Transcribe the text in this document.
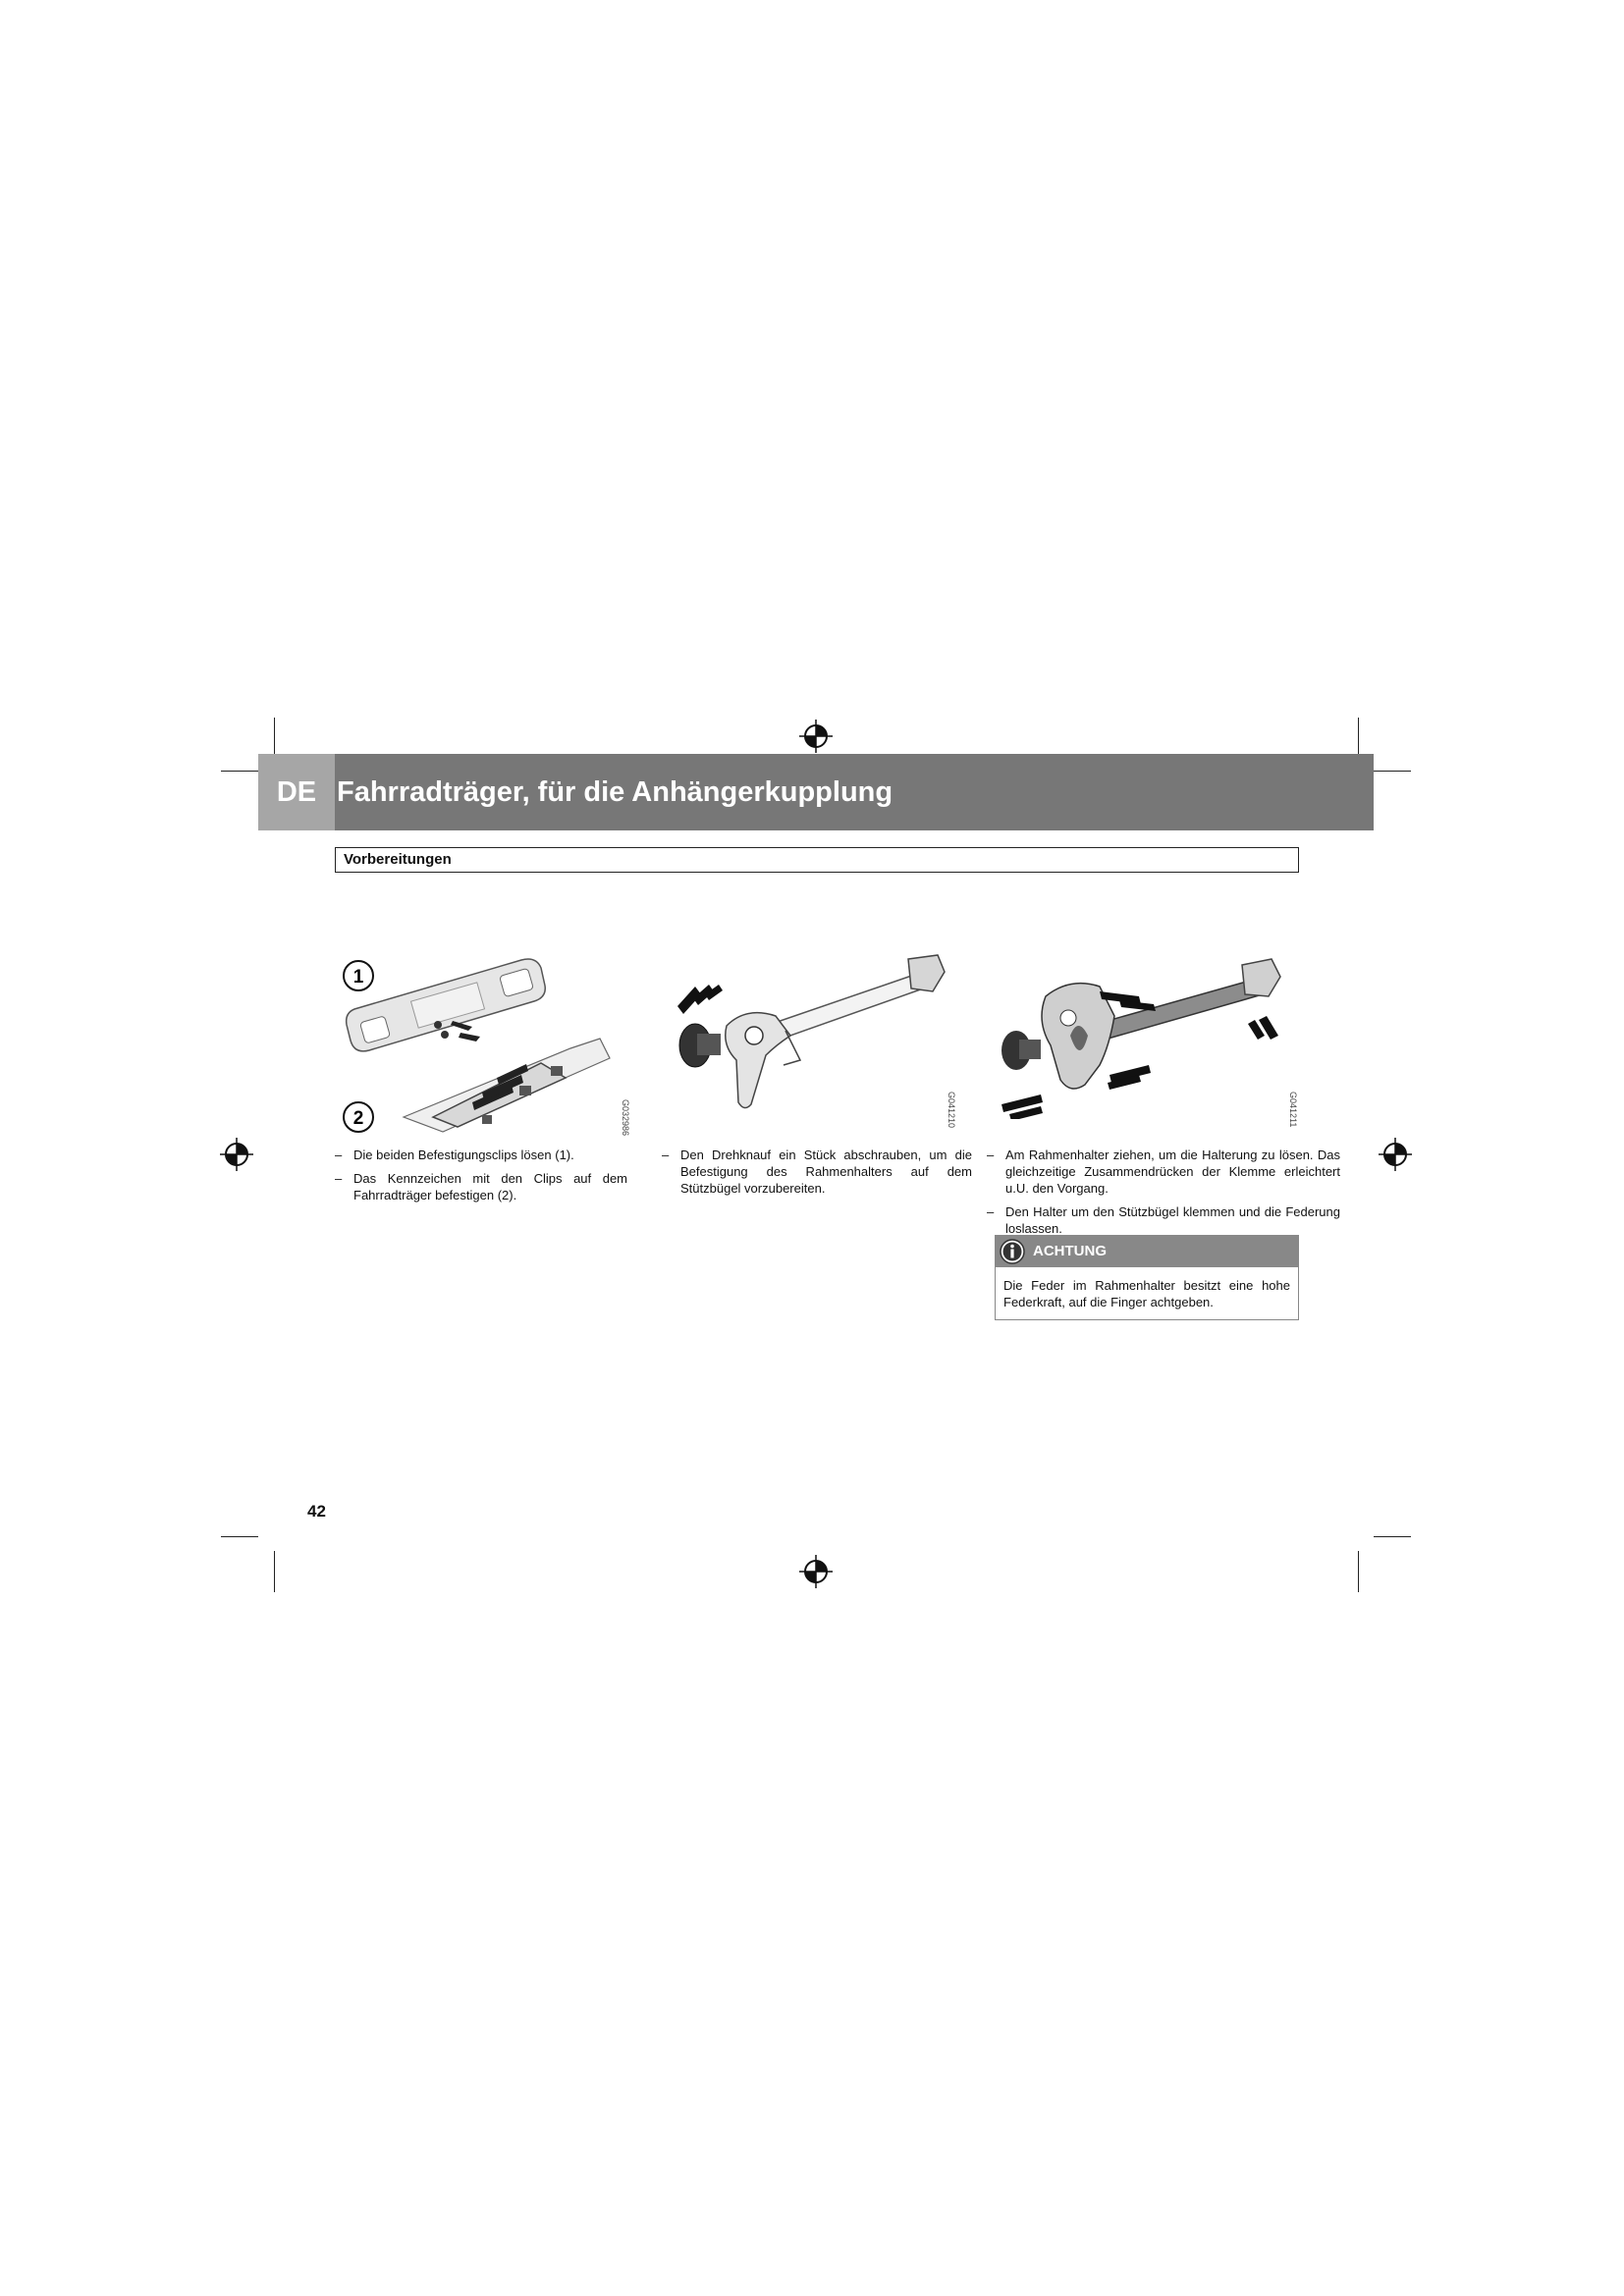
DE Fahrradträger, für die Anhängerkupplung
Vorbereitungen
1
2	G032986	G041210	G041211
– Die beiden Befestigungsclips lösen (1).
– Das Kennzeichen mit den Clips auf dem Fahrradträger befestigen (2).
– Den Drehknauf ein Stück abschrauben, um die Befestigung des Rahmenhalters auf dem Stützbügel vorzubereiten.
– Am Rahmenhalter ziehen, um die Halterung zu lösen. Das gleichzeitige Zusammendrücken der Klemme erleichtert u.U. den Vorgang.
– Den Halter um den Stützbügel klemmen und die Federung loslassen.
ACHTUNG
Die Feder im Rahmenhalter besitzt eine hohe Federkraft, auf die Finger achtgeben.
42
